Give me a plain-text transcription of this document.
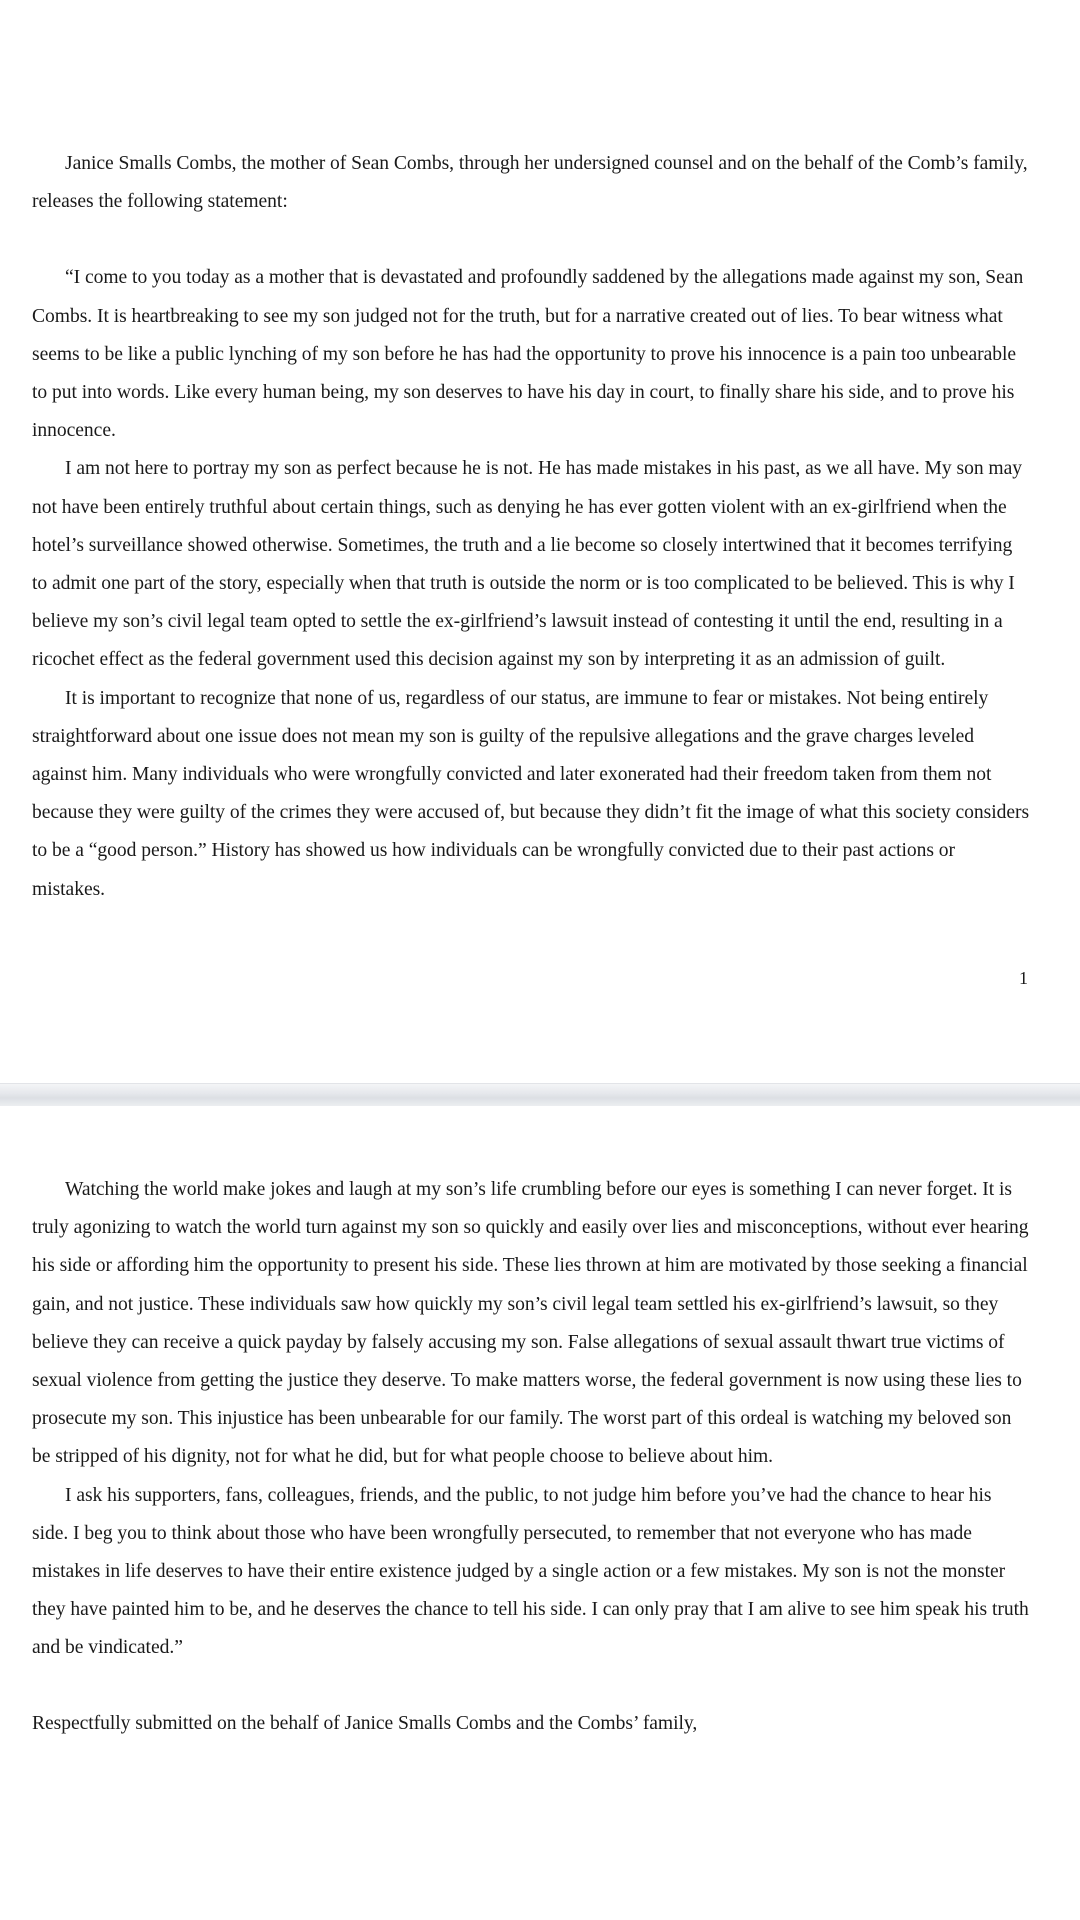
Janice Smalls Combs, the mother of Sean Combs, through her undersigned counsel and on the behalf of the Comb’s family, releases the following statement:

“I come to you today as a mother that is devastated and profoundly saddened by the allegations made against my son, Sean Combs. It is heartbreaking to see my son judged not for the truth, but for a narrative created out of lies. To bear witness what seems to be like a public lynching of my son before he has had the opportunity to prove his innocence is a pain too unbearable to put into words. Like every human being, my son deserves to have his day in court, to finally share his side, and to prove his innocence.

I am not here to portray my son as perfect because he is not. He has made mistakes in his past, as we all have. My son may not have been entirely truthful about certain things, such as denying he has ever gotten violent with an ex-girlfriend when the hotel’s surveillance showed otherwise. Sometimes, the truth and a lie become so closely intertwined that it becomes terrifying to admit one part of the story, especially when that truth is outside the norm or is too complicated to be believed. This is why I believe my son’s civil legal team opted to settle the ex-girlfriend’s lawsuit instead of contesting it until the end, resulting in a ricochet effect as the federal government used this decision against my son by interpreting it as an admission of guilt.

It is important to recognize that none of us, regardless of our status, are immune to fear or mistakes. Not being entirely straightforward about one issue does not mean my son is guilty of the repulsive allegations and the grave charges leveled against him. Many individuals who were wrongfully convicted and later exonerated had their freedom taken from them not because they were guilty of the crimes they were accused of, but because they didn’t fit the image of what this society considers to be a “good person.” History has showed us how individuals can be wrongfully convicted due to their past actions or mistakes.

1

Watching the world make jokes and laugh at my son’s life crumbling before our eyes is something I can never forget. It is truly agonizing to watch the world turn against my son so quickly and easily over lies and misconceptions, without ever hearing his side or affording him the opportunity to present his side. These lies thrown at him are motivated by those seeking a financial gain, and not justice. These individuals saw how quickly my son’s civil legal team settled his ex-girlfriend’s lawsuit, so they believe they can receive a quick payday by falsely accusing my son. False allegations of sexual assault thwart true victims of sexual violence from getting the justice they deserve. To make matters worse, the federal government is now using these lies to prosecute my son. This injustice has been unbearable for our family. The worst part of this ordeal is watching my beloved son be stripped of his dignity, not for what he did, but for what people choose to believe about him.

I ask his supporters, fans, colleagues, friends, and the public, to not judge him before you’ve had the chance to hear his side. I beg you to think about those who have been wrongfully persecuted, to remember that not everyone who has made mistakes in life deserves to have their entire existence judged by a single action or a few mistakes. My son is not the monster they have painted him to be, and he deserves the chance to tell his side. I can only pray that I am alive to see him speak his truth and be vindicated.”

Respectfully submitted on the behalf of Janice Smalls Combs and the Combs’ family,
